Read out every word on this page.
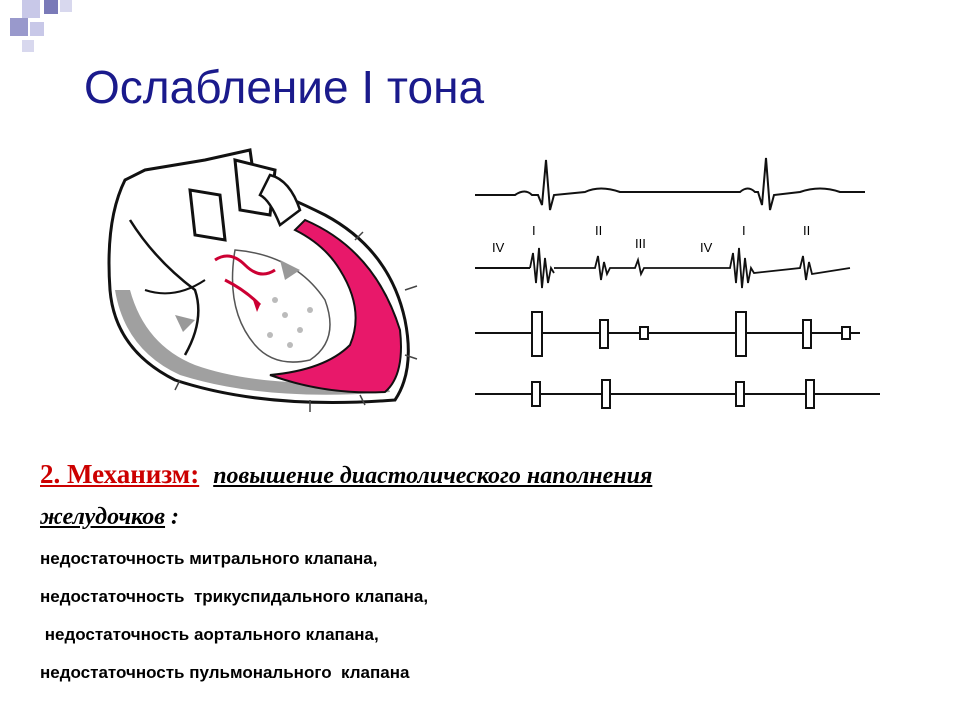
Ослабление I тона
IV
I	II
III	IV
I	II
2. Механизм: повышение диастолического наполнения
желудочков :
недостаточность митрального клапана,
недостаточность  трикуспидального клапана,
недостаточность аортального клапана,
недостаточность пульмонального  клапана
